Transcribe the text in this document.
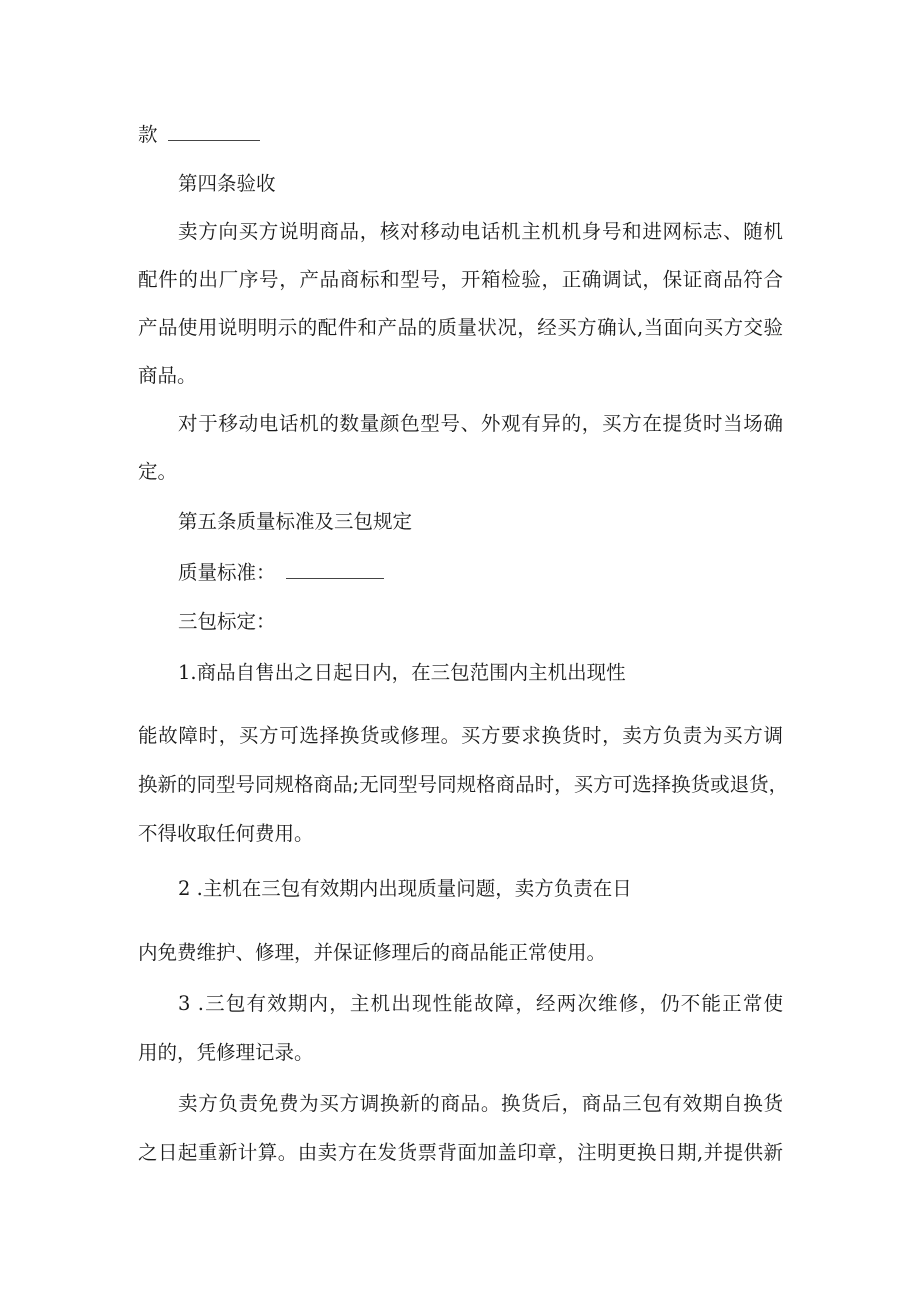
款

第四条验收

卖方向买方说明商品，核对移动电话机主机机身号和进网标志、随机

配件的出厂序号，产品商标和型号，开箱检验，正确调试，保证商品符合

产品使用说明明示的配件和产品的质量状况，经买方确认,当面向买方交验

商品。

对于移动电话机的数量颜色型号、外观有异的，买方在提货时当场确

定。

第五条质量标准及三包规定

质量标准：

三包标定：

1.商品自售出之日起日内，在三包范围内主机出现性

能故障时，买方可选择换货或修理。买方要求换货时，卖方负责为买方调

换新的同型号同规格商品;无同型号同规格商品时，买方可选择换货或退货，

不得收取任何费用。

2 .主机在三包有效期内出现质量问题，卖方负责在日

内免费维护、修理，并保证修理后的商品能正常使用。

3 .三包有效期内，主机出现性能故障，经两次维修，仍不能正常使

用的，凭修理记录。

卖方负责免费为买方调换新的商品。换货后，商品三包有效期自换货

之日起重新计算。由卖方在发货票背面加盖印章，注明更换日期,并提供新
